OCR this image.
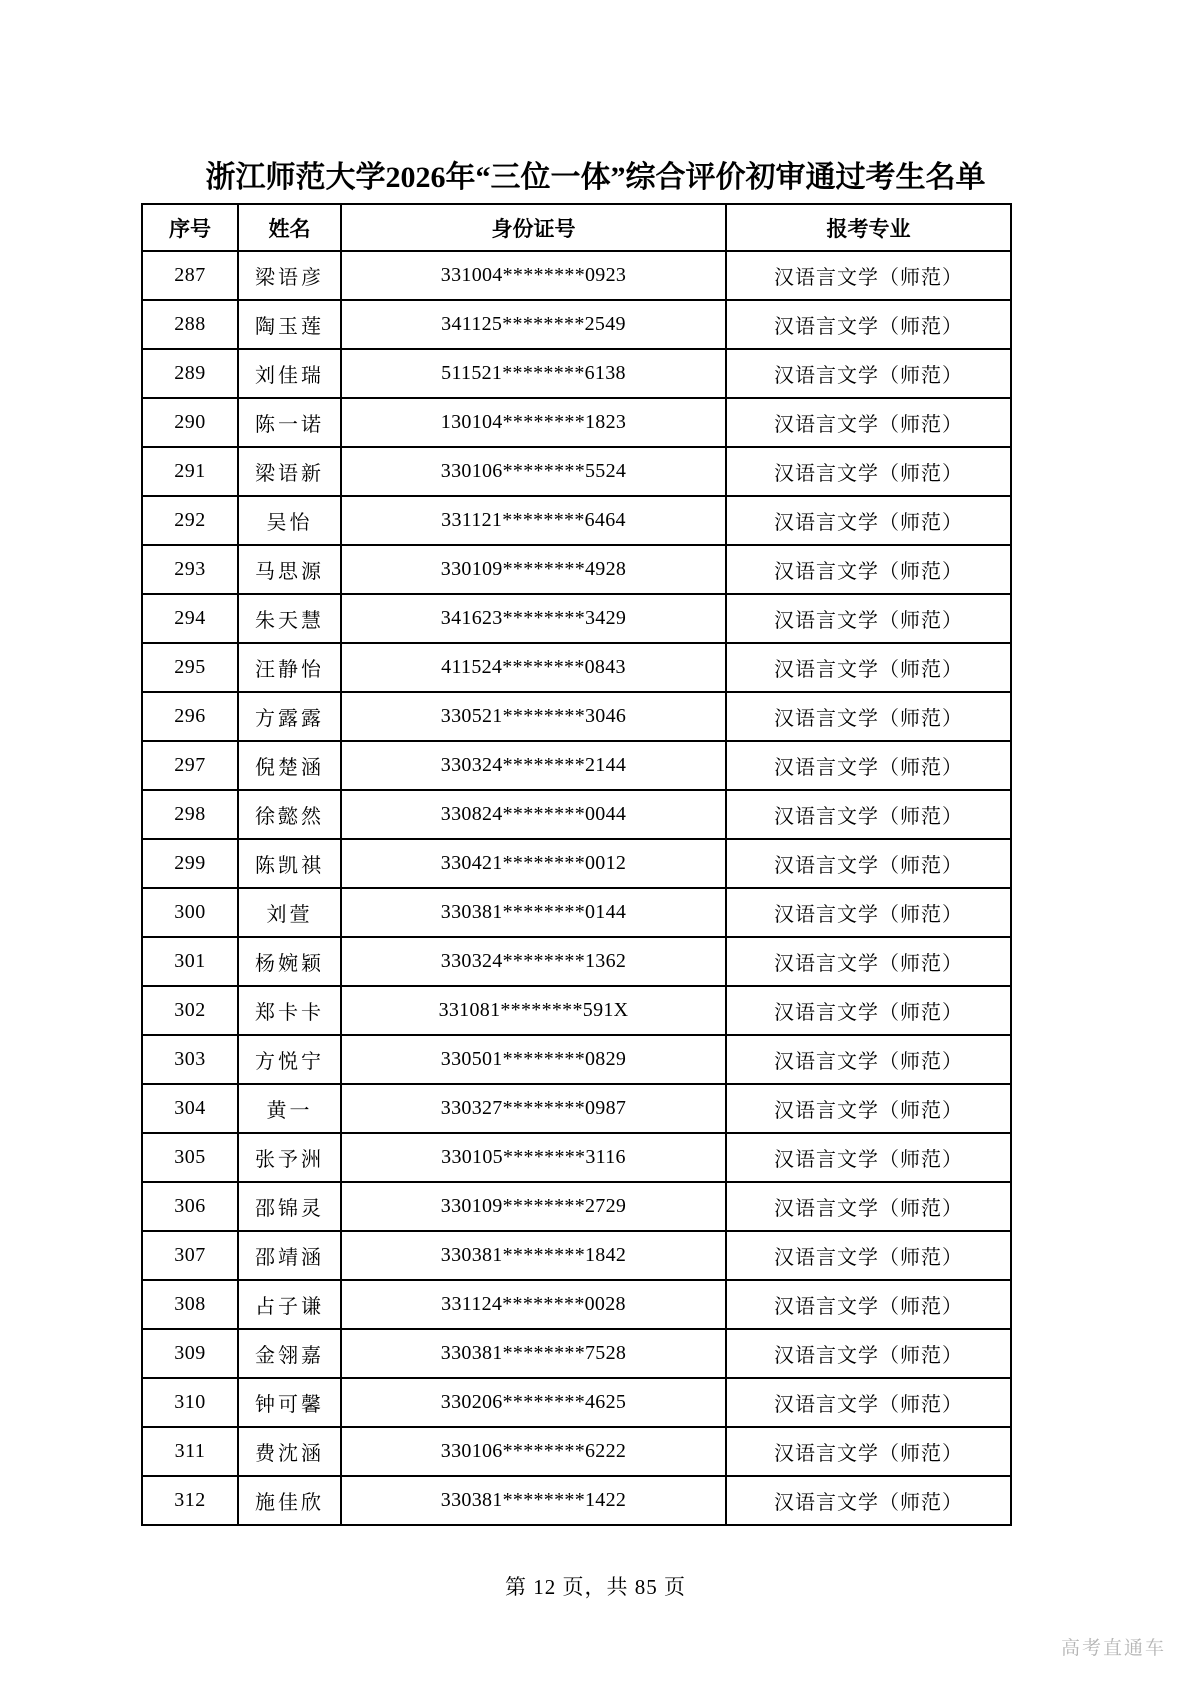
浙江师范大学2026年“三位一体”综合评价初审通过考生名单
序号	姓名	身份证号	报考专业
287	梁语彦	331004********0923	汉语言文学（师范）
288	陶玉莲	341125********2549	汉语言文学（师范）
289	刘佳瑞	511521********6138	汉语言文学（师范）
290	陈一诺	130104********1823	汉语言文学（师范）
291	梁语新	330106********5524	汉语言文学（师范）
292	吴怡	331121********6464	汉语言文学（师范）
293	马思源	330109********4928	汉语言文学（师范）
294	朱天慧	341623********3429	汉语言文学（师范）
295	汪静怡	411524********0843	汉语言文学（师范）
296	方露露	330521********3046	汉语言文学（师范）
297	倪楚涵	330324********2144	汉语言文学（师范）
298	徐懿然	330824********0044	汉语言文学（师范）
299	陈凯祺	330421********0012	汉语言文学（师范）
300	刘萱	330381********0144	汉语言文学（师范）
301	杨婉颖	330324********1362	汉语言文学（师范）
302	郑卡卡	331081********591X	汉语言文学（师范）
303	方悦宁	330501********0829	汉语言文学（师范）
304	黄一	330327********0987	汉语言文学（师范）
305	张予洲	330105********3116	汉语言文学（师范）
306	邵锦灵	330109********2729	汉语言文学（师范）
307	邵靖涵	330381********1842	汉语言文学（师范）
308	占子谦	331124********0028	汉语言文学（师范）
309	金翎嘉	330381********7528	汉语言文学（师范）
310	钟可馨	330206********4625	汉语言文学（师范）
311	费沈涵	330106********6222	汉语言文学（师范）
312	施佳欣	330381********1422	汉语言文学（师范）
第 12 页，共 85 页
高考直通车
